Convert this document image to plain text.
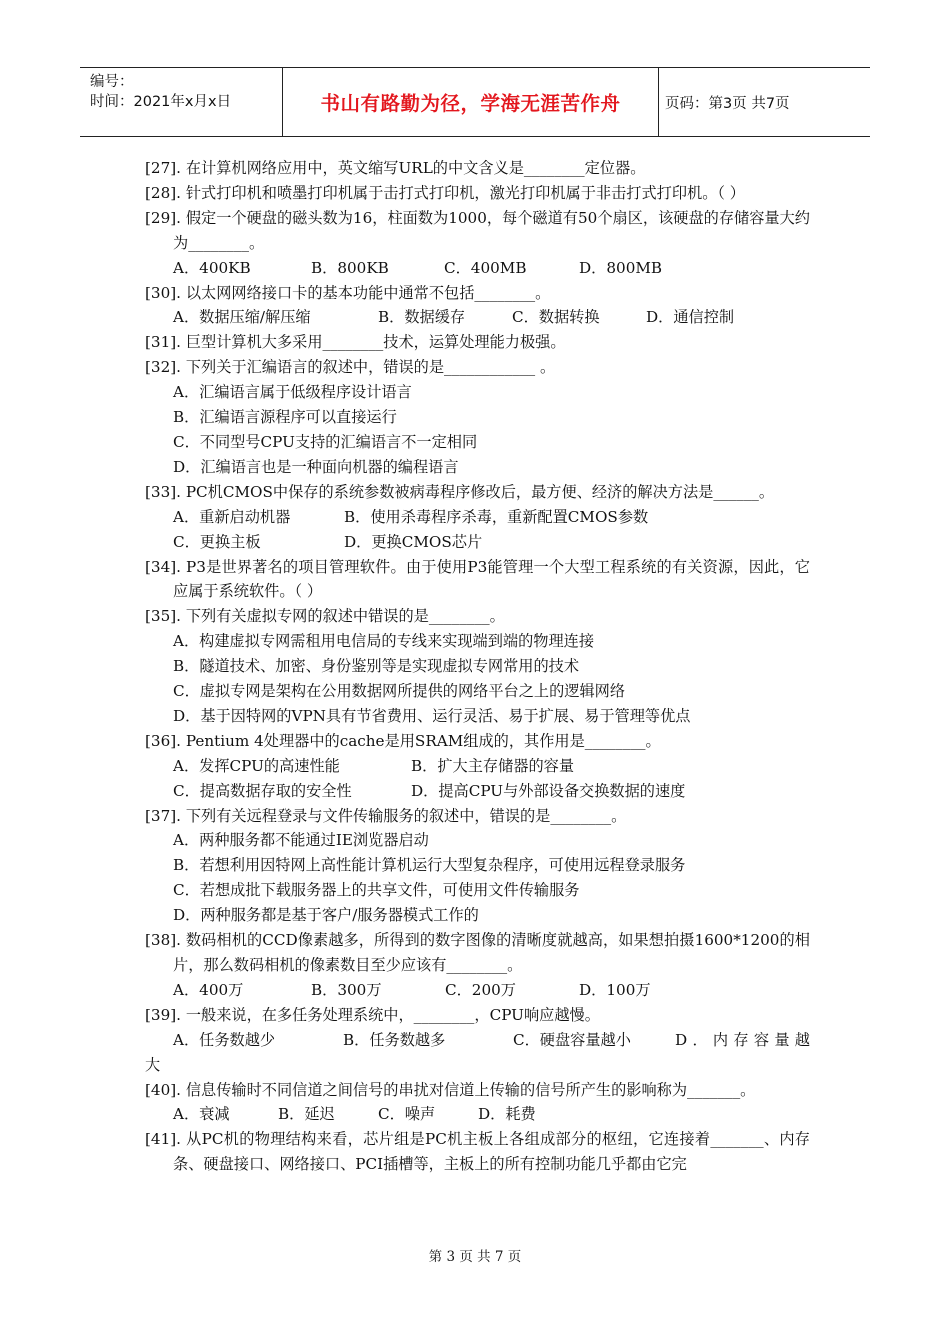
编号：
时间：2021年x月x日	书山有路勤为径，学海无涯苦作舟	页码：第3页 共7页
[27]. 在计算机网络应用中，英文缩写URL的中文含义是________定位器。
[28]. 针式打印机和喷墨打印机属于击打式打印机，激光打印机属于非击打式打印机。（ ）
[29]. 假定一个硬盘的磁头数为16，柱面数为1000，每个磁道有50个扇区，该硬盘的存储容量大约为________。
A．400KB	B．800KB	C．400MB	D．800MB
[30]. 以太网网络接口卡的基本功能中通常不包括________。
A．数据压缩/解压缩	B．数据缓存	C．数据转换	D．通信控制
[31]. 巨型计算机大多采用________技术，运算处理能力极强。
[32]. 下列关于汇编语言的叙述中，错误的是____________ 。
A．汇编语言属于低级程序设计语言
B．汇编语言源程序可以直接运行
C．不同型号CPU支持的汇编语言不一定相同
D．汇编语言也是一种面向机器的编程语言
[33]. PC机CMOS中保存的系统参数被病毒程序修改后，最方便、经济的解决方法是______。
A．重新启动机器	B．使用杀毒程序杀毒，重新配置CMOS参数
C．更换主板	D．更换CMOS芯片
[34]. P3是世界著名的项目管理软件。由于使用P3能管理一个大型工程系统的有关资源，因此，它应属于系统软件。（ ）
[35]. 下列有关虚拟专网的叙述中错误的是________。
A．构建虚拟专网需租用电信局的专线来实现端到端的物理连接
B．隧道技术、加密、身份鉴别等是实现虚拟专网常用的技术
C．虚拟专网是架构在公用数据网所提供的网络平台之上的逻辑网络
D．基于因特网的VPN具有节省费用、运行灵活、易于扩展、易于管理等优点
[36]. Pentium 4处理器中的cache是用SRAM组成的，其作用是________。
A．发挥CPU的高速性能	B．扩大主存储器的容量
C．提高数据存取的安全性	D．提高CPU与外部设备交换数据的速度
[37]. 下列有关远程登录与文件传输服务的叙述中，错误的是________。
A．两种服务都不能通过IE浏览器启动
B．若想利用因特网上高性能计算机运行大型复杂程序，可使用远程登录服务
C．若想成批下载服务器上的共享文件，可使用文件传输服务
D．两种服务都是基于客户/服务器模式工作的
[38]. 数码相机的CCD像素越多，所得到的数字图像的清晰度就越高，如果想拍摄1600*1200的相片，那么数码相机的像素数目至少应该有________。
A．400万	B．300万	C．200万	D．100万
[39]. 一般来说，在多任务处理系统中，________，CPU响应越慢。
A．任务数越少	B．任务数越多	C．硬盘容量越小	D．内存容量越
大
[40]. 信息传输时不同信道之间信号的串扰对信道上传输的信号所产生的影响称为_______。
A．衰减	B．延迟	C．噪声	D．耗费
[41]. 从PC机的物理结构来看，芯片组是PC机主板上各组成部分的枢纽，它连接着_______、内存条、硬盘接口、网络接口、PCI插槽等，主板上的所有控制功能几乎都由它完
第 3 页 共 7 页
